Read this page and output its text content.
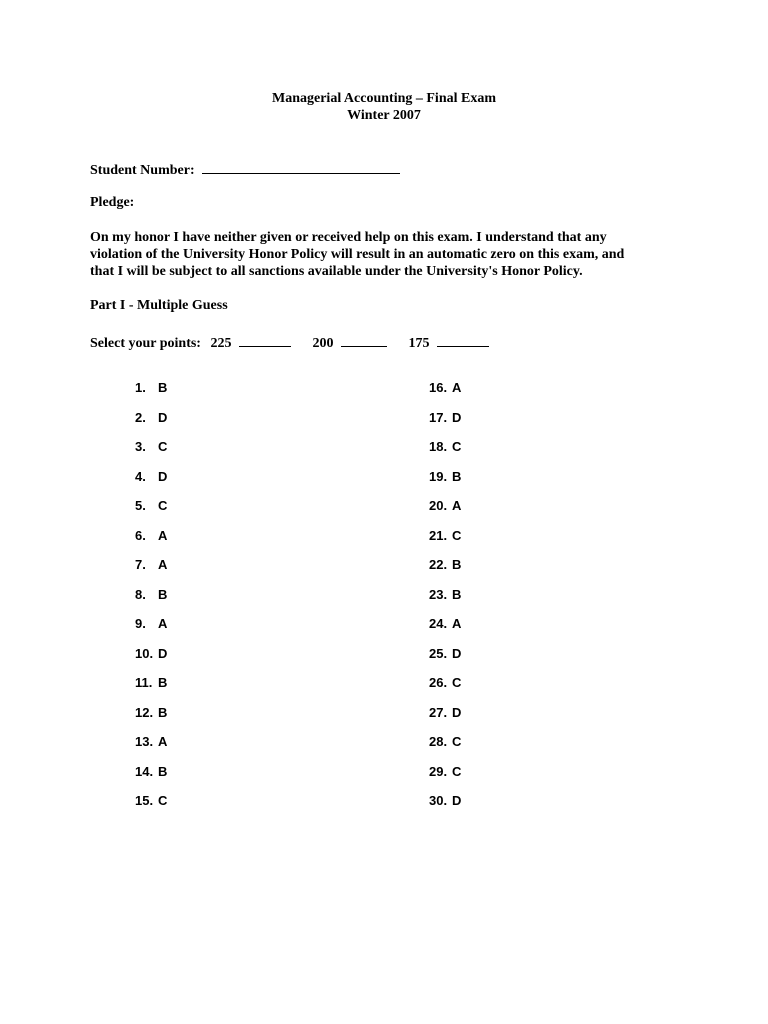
Managerial Accounting – Final Exam
Winter 2007
Student Number:
Pledge:
On my honor I have neither given or received help on this exam. I understand that any
violation of the University Honor Policy will result in an automatic zero on this exam, and
that I will be subject to all sanctions available under the University's Honor Policy.
Part I - Multiple Guess
Select your points: 225	200	175
1. B
2. D
3. C
4. D
5. C
6. A
7. A
8. B
9. A
10. D
11. B
12. B
13. A
14. B
15. C
16. A
17. D
18. C
19. B
20. A
21. C
22. B
23. B
24. A
25. D
26. C
27. D
28. C
29. C
30. D
